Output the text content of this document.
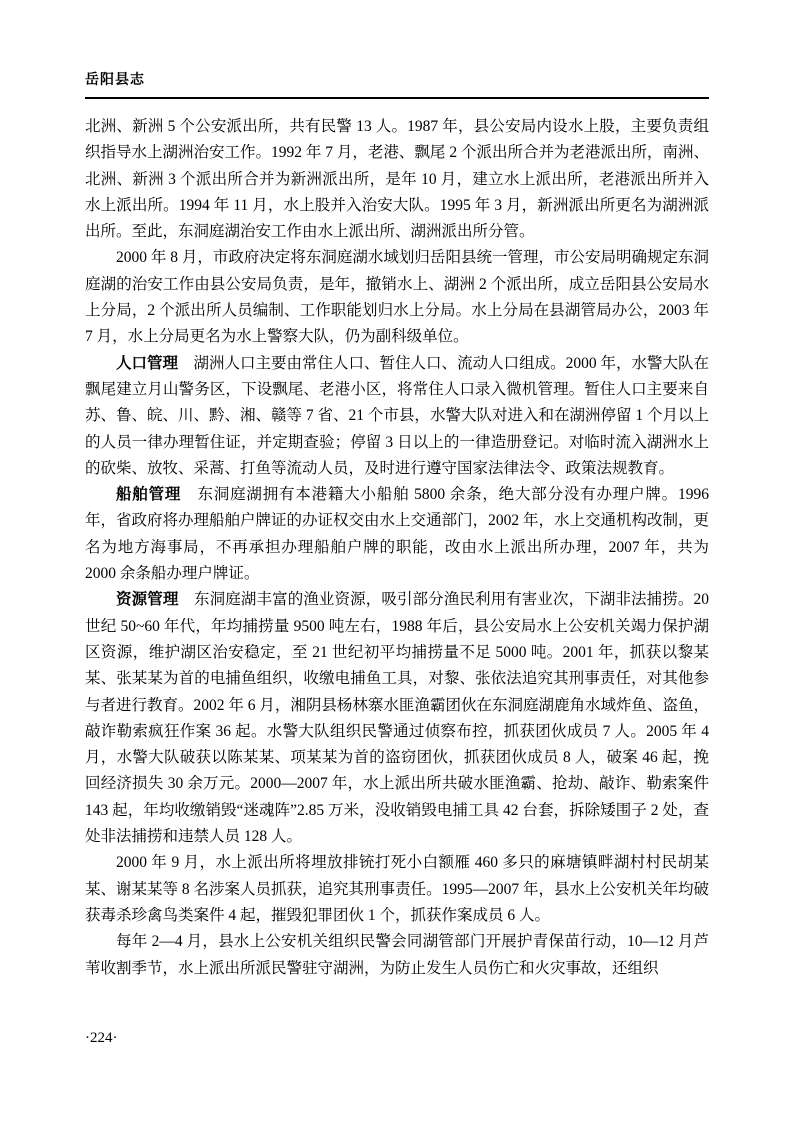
岳阳县志

北洲、新洲 5 个公安派出所，共有民警 13 人。1987 年，县公安局内设水上股，主要负责组织指导水上湖洲治安工作。1992 年 7 月，老港、飘尾 2 个派出所合并为老港派出所，南洲、北洲、新洲 3 个派出所合并为新洲派出所，是年 10 月，建立水上派出所，老港派出所并入水上派出所。1994 年 11 月，水上股并入治安大队。1995 年 3 月，新洲派出所更名为湖洲派出所。至此，东洞庭湖治安工作由水上派出所、湖洲派出所分管。

2000 年 8 月，市政府决定将东洞庭湖水域划归岳阳县统一管理，市公安局明确规定东洞庭湖的治安工作由县公安局负责，是年，撤销水上、湖洲 2 个派出所，成立岳阳县公安局水上分局，2 个派出所人员编制、工作职能划归水上分局。水上分局在县湖管局办公，2003 年 7 月，水上分局更名为水上警察大队，仍为副科级单位。

人口管理　湖洲人口主要由常住人口、暂住人口、流动人口组成。2000 年，水警大队在飘尾建立月山警务区，下设飘尾、老港小区，将常住人口录入微机管理。暂住人口主要来自苏、鲁、皖、川、黔、湘、赣等 7 省、21 个市县，水警大队对进入和在湖洲停留 1 个月以上的人员一律办理暂住证，并定期查验；停留 3 日以上的一律造册登记。对临时流入湖洲水上的砍柴、放牧、采蒿、打鱼等流动人员，及时进行遵守国家法律法令、政策法规教育。

船舶管理　东洞庭湖拥有本港籍大小船舶 5800 余条，绝大部分没有办理户牌。1996 年，省政府将办理船舶户牌证的办证权交由水上交通部门，2002 年，水上交通机构改制，更名为地方海事局，不再承担办理船舶户牌的职能，改由水上派出所办理，2007 年，共为 2000 余条船办理户牌证。

资源管理　东洞庭湖丰富的渔业资源，吸引部分渔民利用有害业次，下湖非法捕捞。20 世纪 50~60 年代，年均捕捞量 9500 吨左右，1988 年后，县公安局水上公安机关竭力保护湖区资源，维护湖区治安稳定，至 21 世纪初平均捕捞量不足 5000 吨。2001 年，抓获以黎某某、张某某为首的电捕鱼组织，收缴电捕鱼工具，对黎、张依法追究其刑事责任，对其他参与者进行教育。2002 年 6 月，湘阴县杨林寨水匪渔霸团伙在东洞庭湖鹿角水域炸鱼、盗鱼，敲诈勒索疯狂作案 36 起。水警大队组织民警通过侦察布控，抓获团伙成员 7 人。2005 年 4 月，水警大队破获以陈某某、项某某为首的盗窃团伙，抓获团伙成员 8 人，破案 46 起，挽回经济损失 30 余万元。2000—2007 年，水上派出所共破水匪渔霸、抢劫、敲诈、勒索案件 143 起，年均收缴销毁“迷魂阵”2.85 万米，没收销毁电捕工具 42 台套，拆除矮围子 2 处，查处非法捕捞和违禁人员 128 人。

2000 年 9 月，水上派出所将埋放排铳打死小白额雁 460 多只的麻塘镇畔湖村村民胡某某、谢某某等 8 名涉案人员抓获，追究其刑事责任。1995—2007 年，县水上公安机关年均破获毒杀珍禽鸟类案件 4 起，摧毁犯罪团伙 1 个，抓获作案成员 6 人。

每年 2—4 月，县水上公安机关组织民警会同湖管部门开展护青保苗行动，10—12 月芦苇收割季节，水上派出所派民警驻守湖洲，为防止发生人员伤亡和火灾事故，还组织

·224·
